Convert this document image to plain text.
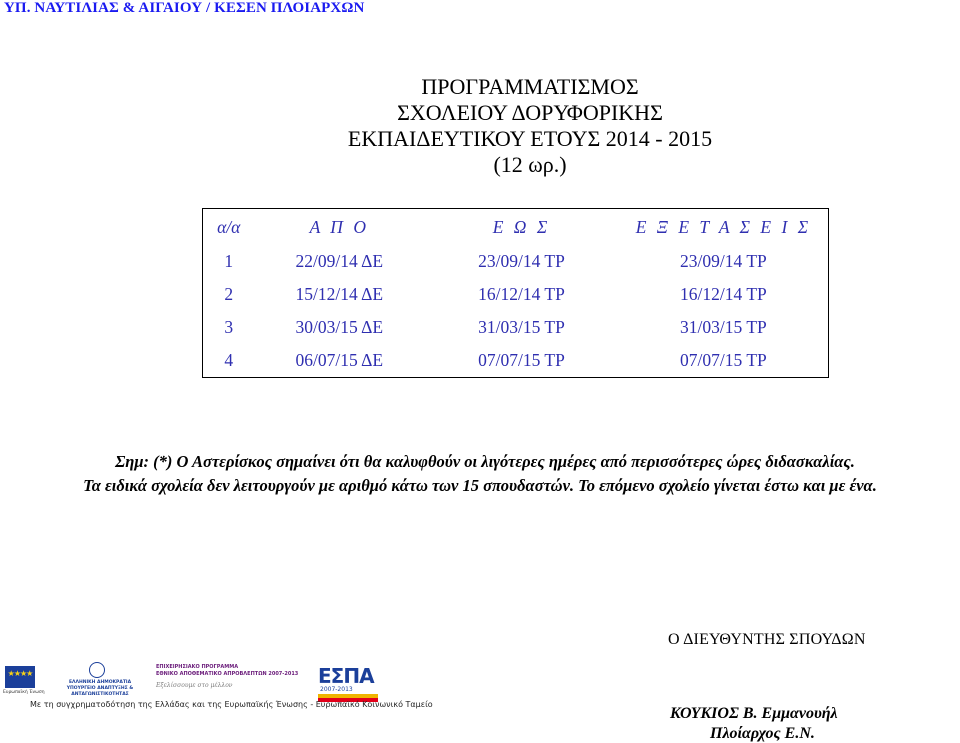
ΥΠ. ΝΑΥΤΙΛΙΑΣ & ΑΙΓΑΙΟΥ / ΚΕΣΕΝ ΠΛΟΙΑΡΧΩΝ
ΠΡΟΓΡΑΜΜΑΤΙΣΜΟΣ
ΣΧΟΛΕΙΟΥ ΔΟΡΥΦΟΡΙΚΗΣ
ΕΚΠΑΙΔΕΥΤΙΚΟΥ ΕΤΟΥΣ 2014 - 2015
(12 ωρ.)
α/α	Α Π Ο	Ε Ω Σ	Ε Ξ Ε Τ Α Σ Ε Ι Σ
1	22/09/14 ΔΕ	23/09/14 ΤΡ	23/09/14 ΤΡ
2	15/12/14 ΔΕ	16/12/14 ΤΡ	16/12/14 ΤΡ
3	30/03/15 ΔΕ	31/03/15 ΤΡ	31/03/15 ΤΡ
4	06/07/15 ΔΕ	07/07/15 ΤΡ	07/07/15 ΤΡ
Σημ: (*) Ο Αστερίσκος σημαίνει ότι θα καλυφθούν οι λιγότερες ημέρες από περισσότερες ώρες διδασκαλίας.
Τα ειδικά σχολεία δεν λειτουργούν με αριθμό κάτω των 15 σπουδαστών. Το επόμενο σχολείο γίνεται έστω και με ένα.
Ο ΔΙΕΥΘΥΝΤΗΣ ΣΠΟΥΔΩΝ
ΚΟΥΚΙΟΣ Β. Εμμανουήλ
Πλοίαρχος Ε.Ν.
★★★★
Ευρωπαϊκή Ένωση
ΕΛΛΗΝΙΚΗ ΔΗΜΟΚΡΑΤΙΑ
ΥΠΟΥΡΓΕΙΟ ΑΝΑΠΤΥΞΗΣ & ΑΝΤΑΓΩΝΙΣΤΙΚΟΤΗΤΑΣ
ΕΠΙΧΕΙΡΗΣΙΑΚΟ ΠΡΟΓΡΑΜΜΑ
ΕΘΝΙΚΟ ΑΠΟΘΕΜΑΤΙΚΟ ΑΠΡΟΒΛΕΠΤΩΝ 2007-2013
Εξελίσσουμε στο μέλλον	ΕΣΠΑ
2007-2013
Με τη συγχρηματοδότηση της Ελλάδας και της Ευρωπαϊκής Ένωσης - Ευρωπαϊκό Κοινωνικό Ταμείο
